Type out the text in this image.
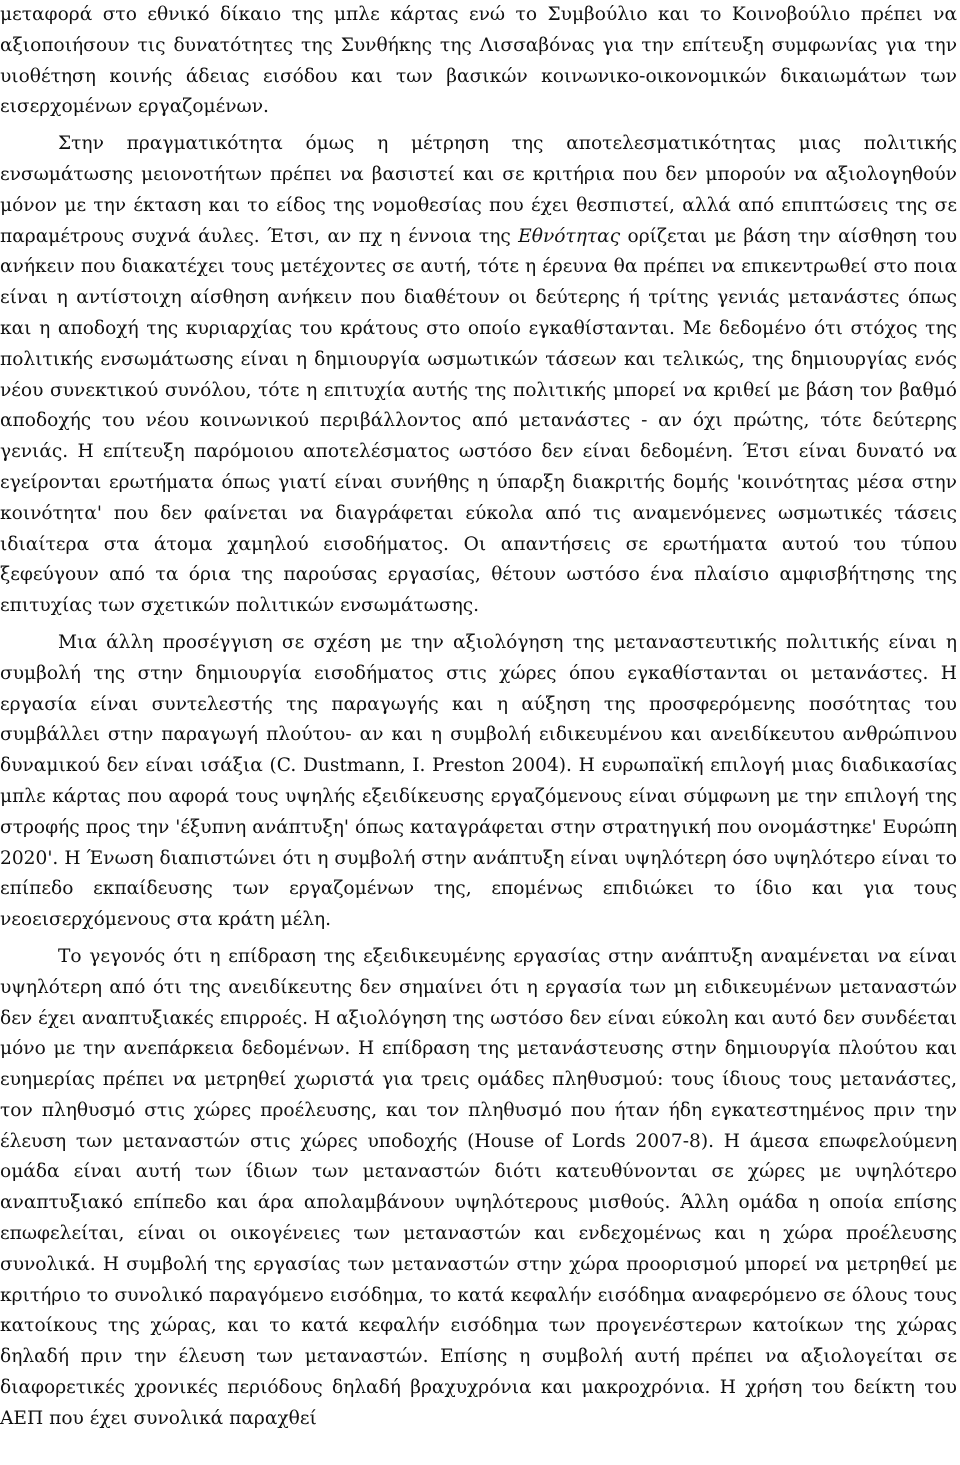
μεταφορά στο εθνικό δίκαιο της μπλε κάρτας ενώ το Συμβούλιο και το Κοινοβούλιο πρέπει να αξιοποιήσουν τις δυνατότητες της Συνθήκης της Λισσαβόνας για την επίτευξη συμφωνίας για την υιοθέτηση κοινής άδειας εισόδου και των βασικών κοινωνικο-οικονομικών δικαιωμάτων των εισερχομένων εργαζομένων.

Στην πραγματικότητα όμως η μέτρηση της αποτελεσματικότητας μιας πολιτικής ενσωμάτωσης μειονοτήτων πρέπει να βασιστεί και σε κριτήρια που δεν μπορούν να αξιολογηθούν μόνον με την έκταση και το είδος της νομοθεσίας που έχει θεσπιστεί, αλλά από επιπτώσεις της σε παραμέτρους συχνά άυλες. Έτσι, αν πχ η έννοια της Εθνότητας ορίζεται με βάση την αίσθηση του ανήκειν που διακατέχει τους μετέχοντες σε αυτή, τότε η έρευνα θα πρέπει να επικεντρωθεί στο ποια είναι η αντίστοιχη αίσθηση ανήκειν που διαθέτουν οι δεύτερης ή τρίτης γενιάς μετανάστες όπως και η αποδοχή της κυριαρχίας του κράτους στο οποίο εγκαθίστανται. Με δεδομένο ότι στόχος της πολιτικής ενσωμάτωσης είναι η δημιουργία ωσμωτικών τάσεων και τελικώς, της δημιουργίας ενός νέου συνεκτικού συνόλου, τότε η επιτυχία αυτής της πολιτικής μπορεί να κριθεί με βάση τον βαθμό αποδοχής του νέου κοινωνικού περιβάλλοντος από μετανάστες - αν όχι πρώτης, τότε δεύτερης γενιάς. Η επίτευξη παρόμοιου αποτελέσματος ωστόσο δεν είναι δεδομένη. Έτσι είναι δυνατό να εγείρονται ερωτήματα όπως γιατί είναι συνήθης η ύπαρξη διακριτής δομής 'κοινότητας μέσα στην κοινότητα' που δεν φαίνεται να διαγράφεται εύκολα από τις αναμενόμενες ωσμωτικές τάσεις ιδιαίτερα στα άτομα χαμηλού εισοδήματος. Οι απαντήσεις σε ερωτήματα αυτού του τύπου ξεφεύγουν από τα όρια της παρούσας εργασίας, θέτουν ωστόσο ένα πλαίσιο αμφισβήτησης της επιτυχίας των σχετικών πολιτικών ενσωμάτωσης.

Μια άλλη προσέγγιση σε σχέση με την αξιολόγηση της μεταναστευτικής πολιτικής είναι η συμβολή της στην δημιουργία εισοδήματος στις χώρες όπου εγκαθίστανται οι μετανάστες. Η εργασία είναι συντελεστής της παραγωγής και η αύξηση της προσφερόμενης ποσότητας του συμβάλλει στην παραγωγή πλούτου- αν και η συμβολή ειδικευμένου και ανειδίκευτου ανθρώπινου δυναμικού δεν είναι ισάξια (C. Dustmann, I. Preston 2004). Η ευρωπαϊκή επιλογή μιας διαδικασίας μπλε κάρτας που αφορά τους υψηλής εξειδίκευσης εργαζόμενους είναι σύμφωνη με την επιλογή της στροφής προς την 'έξυπνη ανάπτυξη' όπως καταγράφεται στην στρατηγική που ονομάστηκε' Ευρώπη 2020'. Η Ένωση διαπιστώνει ότι η συμβολή στην ανάπτυξη είναι υψηλότερη όσο υψηλότερο είναι το επίπεδο εκπαίδευσης των εργαζομένων της, επομένως επιδιώκει το ίδιο και για τους νεοεισερχόμενους στα κράτη μέλη.

Το γεγονός ότι η επίδραση της εξειδικευμένης εργασίας στην ανάπτυξη αναμένεται να είναι υψηλότερη από ότι της ανειδίκευτης δεν σημαίνει ότι η εργασία των μη ειδικευμένων μεταναστών δεν έχει αναπτυξιακές επιρροές. Η αξιολόγηση της ωστόσο δεν είναι εύκολη και αυτό δεν συνδέεται μόνο με την ανεπάρκεια δεδομένων. Η επίδραση της μετανάστευσης στην δημιουργία πλούτου και ευημερίας πρέπει να μετρηθεί χωριστά για τρεις ομάδες πληθυσμού: τους ίδιους τους μετανάστες, τον πληθυσμό στις χώρες προέλευσης, και τον πληθυσμό που ήταν ήδη εγκατεστημένος πριν την έλευση των μεταναστών στις χώρες υποδοχής (House of Lords 2007-8). Η άμεσα επωφελούμενη ομάδα είναι αυτή των ίδιων των μεταναστών διότι κατευθύνονται σε χώρες με υψηλότερο αναπτυξιακό επίπεδο και άρα απολαμβάνουν υψηλότερους μισθούς. Άλλη ομάδα η οποία επίσης επωφελείται, είναι οι οικογένειες των μεταναστών και ενδεχομένως και η χώρα προέλευσης συνολικά. Η συμβολή της εργασίας των μεταναστών στην χώρα προορισμού μπορεί να μετρηθεί με κριτήριο το συνολικό παραγόμενο εισόδημα, το κατά κεφαλήν εισόδημα αναφερόμενο σε όλους τους κατοίκους της χώρας, και το κατά κεφαλήν εισόδημα των προγενέστερων κατοίκων της χώρας δηλαδή πριν την έλευση των μεταναστών. Επίσης η συμβολή αυτή πρέπει να αξιολογείται σε διαφορετικές χρονικές περιόδους δηλαδή βραχυχρόνια και μακροχρόνια. Η χρήση του δείκτη του ΑΕΠ που έχει συνολικά παραχθεί
